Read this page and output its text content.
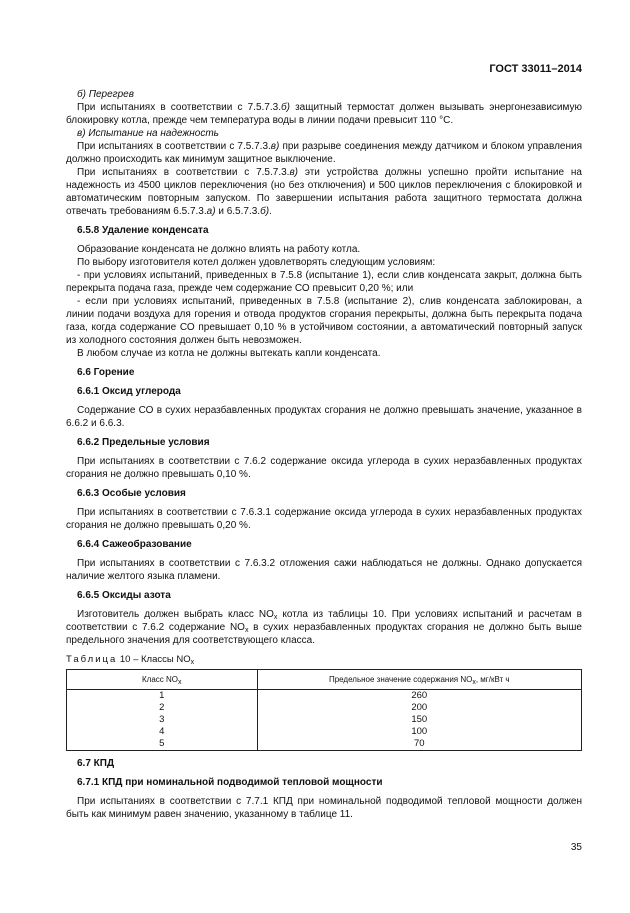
ГОСТ 33011–2014

б) Перегрев

При испытаниях в соответствии с 7.5.7.3.б) защитный термостат должен вызывать энергонезависимую блокировку котла, прежде чем температура воды в линии подачи превысит 110 °С.

в) Испытание на надежность

При испытаниях в соответствии с 7.5.7.3.в) при разрыве соединения между датчиком и блоком управления должно происходить как минимум защитное выключение.

При испытаниях в соответствии с 7.5.7.3.в) эти устройства должны успешно пройти испытание на надежность из 4500 циклов переключения (но без отключения) и 500 циклов переключения с блокировкой и автоматическим повторным запуском. По завершении испытания работа защитного термостата должна отвечать требованиям 6.5.7.3.а) и 6.5.7.3.б).

6.5.8 Удаление конденсата

Образование конденсата не должно влиять на работу котла.

По выбору изготовителя котел должен удовлетворять следующим условиям:

- при условиях испытаний, приведенных в 7.5.8 (испытание 1), если слив конденсата закрыт, должна быть перекрыта подача газа, прежде чем содержание СО превысит 0,20 %; или

- если при условиях испытаний, приведенных в 7.5.8 (испытание 2), слив конденсата заблокирован, а линии подачи воздуха для горения и отвода продуктов сгорания перекрыты, должна быть перекрыта подача газа, когда содержание СО превышает 0,10 % в устойчивом состоянии, а автоматический повторный запуск из холодного состояния должен быть невозможен.

В любом случае из котла не должны вытекать капли конденсата.

6.6 Горение

6.6.1 Оксид углерода

Содержание СО в сухих неразбавленных продуктах сгорания не должно превышать значение, указанное в 6.6.2 и 6.6.3.

6.6.2 Предельные условия

При испытаниях в соответствии с 7.6.2 содержание оксида углерода в сухих неразбавленных продуктах сгорания не должно превышать 0,10 %.

6.6.3 Особые условия

При испытаниях в соответствии с 7.6.3.1 содержание оксида углерода в сухих неразбавленных продуктах сгорания не должно превышать 0,20 %.

6.6.4 Сажеобразование

При испытаниях в соответствии с 7.6.3.2 отложения сажи наблюдаться не должны. Однако допускается наличие желтого языка пламени.

6.6.5 Оксиды азота

Изготовитель должен выбрать класс $NO_x$ котла из таблицы 10. При условиях испытаний и расчетам в соответствии с 7.6.2 содержание $NO_x$ в сухих неразбавленных продуктах сгорания не должно быть выше предельного значения для соответствующего класса.

Таблица 10 – Классы $NO_x$

Класс $NO_x$	Предельное значение содержания $NO_x$, мг/кВт ч
1	260
2	200
3	150
4	100
5	70

6.7 КПД

6.7.1 КПД при номинальной подводимой тепловой мощности

При испытаниях в соответствии с 7.7.1 КПД при номинальной подводимой тепловой мощности должен быть как минимум равен значению, указанному в таблице 11.

35
